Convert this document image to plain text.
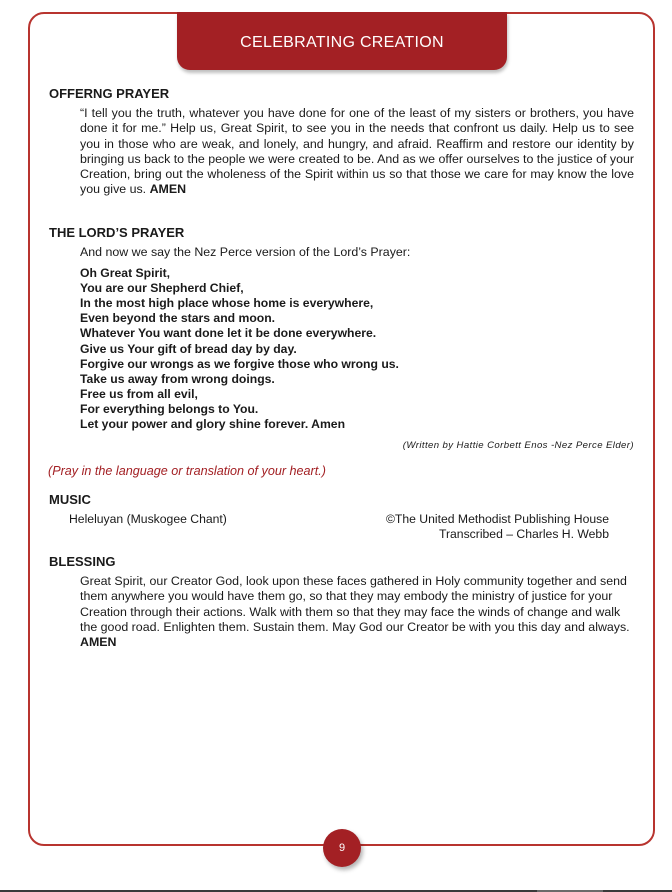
CELEBRATING CREATION
OFFERNG PRAYER

“I tell you the truth, whatever you have done for one of the least of my sisters or brothers, you have done it for me.” Help us, Great Spirit, to see you in the needs that confront us daily. Help us to see you in those who are weak, and lonely, and hungry, and afraid. Reaffirm and restore our identity by bringing us back to the people we were created to be. And as we offer ourselves to the justice of your Creation, bring out the wholeness of the Spirit within us so that those we care for may know the love you give us. AMEN

THE LORD’S PRAYER

And now we say the Nez Perce version of the Lord’s Prayer:

Oh Great Spirit,
You are our Shepherd Chief,
In the most high place whose home is everywhere,
Even beyond the stars and moon.
Whatever You want done let it be done everywhere.
Give us Your gift of bread day by day.
Forgive our wrongs as we forgive those who wrong us.
Take us away from wrong doings.
Free us from all evil,
For everything belongs to You.
Let your power and glory shine forever. Amen
(Written by Hattie Corbett Enos -Nez Perce Elder)
(Pray in the language or translation of your heart.)
MUSIC
Heleluyan (Muskogee Chant)	©The United Methodist Publishing House
Transcribed – Charles H. Webb
BLESSING

Great Spirit, our Creator God, look upon these faces gathered in Holy community together and send them anywhere you would have them go, so that they may embody the ministry of justice for your Creation through their actions. Walk with them so that they may face the winds of change and walk the good road. Enlighten them. Sustain them. May God our Creator be with you this day and always. AMEN

9
